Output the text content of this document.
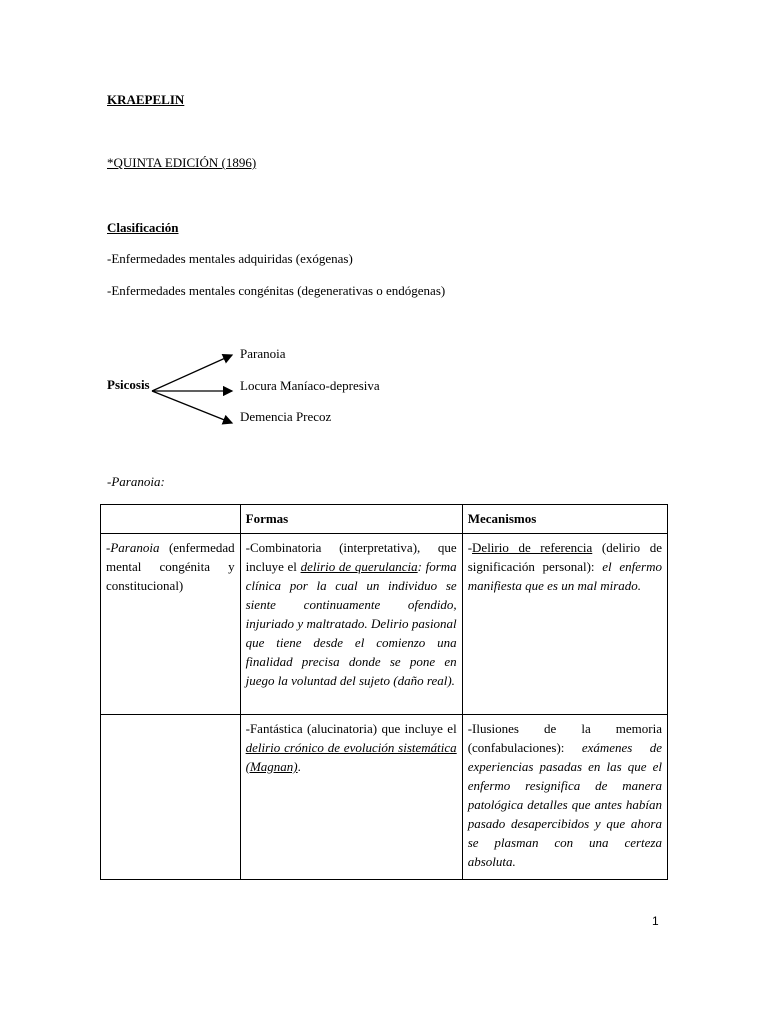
KRAEPELIN
*QUINTA EDICIÓN (1896)
Clasificación
-Enfermedades mentales adquiridas (exógenas)
-Enfermedades mentales congénitas (degenerativas o endógenas)
Psicosis
Paranoia
Locura Maníaco-depresiva
Demencia Precoz
-Paranoia:
	Formas	Mecanismos
-Paranoia (enfermedad mental congénita y constitucional)	-Combinatoria (interpretativa), que incluye el delirio de querulancia: forma clínica por la cual un individuo se siente continuamente ofendido, injuriado y maltratado. Delirio pasional que tiene desde el comienzo una finalidad precisa donde se pone en juego la voluntad del sujeto (daño real).	-Delirio de referencia (delirio de significación personal): el enfermo manifiesta que es un mal mirado.
	-Fantástica (alucinatoria) que incluye el delirio crónico de evolución sistemática (Magnan).	-Ilusiones de la memoria (confabulaciones): exámenes de experiencias pasadas en las que el enfermo resignifica de manera patológica detalles que antes habían pasado desapercibidos y que ahora se plasman con una certeza absoluta.
1
